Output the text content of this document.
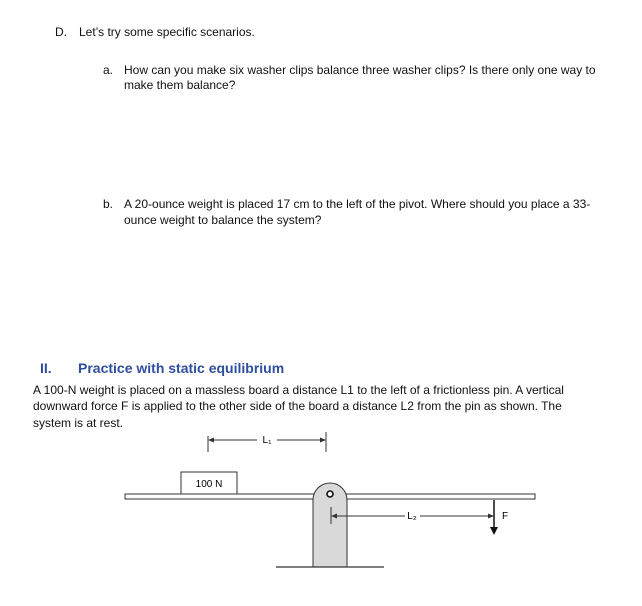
D. Let’s try some specific scenarios.
a. How can you make six washer clips balance three washer clips? Is there only one way to
make them balance?
b. A 20-ounce weight is placed 17 cm to the left of the pivot. Where should you place a 33-
ounce weight to balance the system?
II. Practice with static equilibrium
A 100-N weight is placed on a massless board a distance L1 to the left of a frictionless pin. A vertical
downward force F is applied to the other side of the board a distance L2 from the pin as shown. The
system is at rest.
L₁
100 N
L₂	F
